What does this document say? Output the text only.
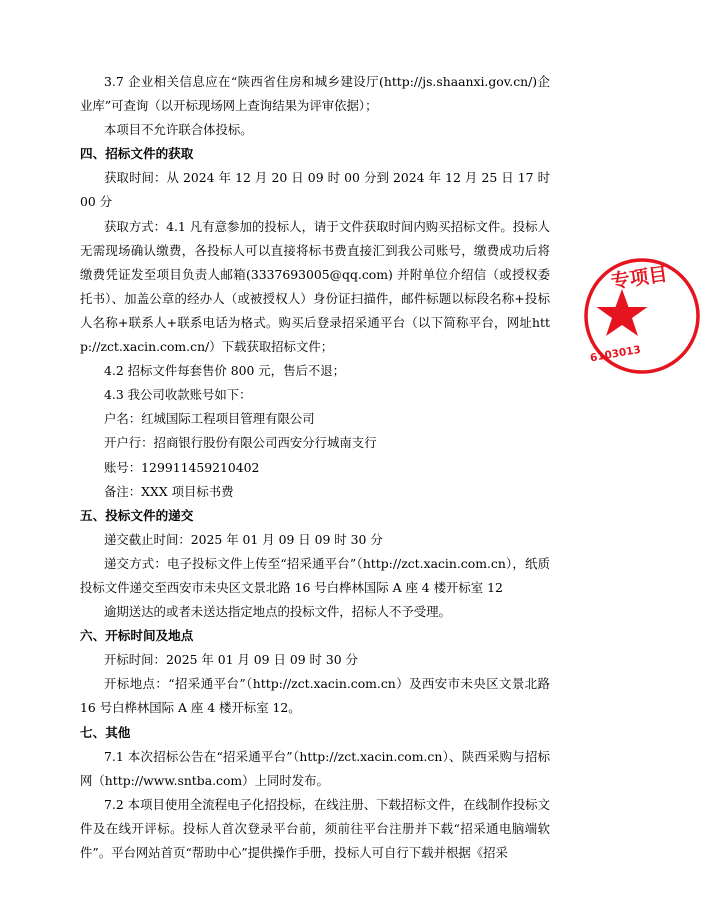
3.7 企业相关信息应在“陕西省住房和城乡建设厅(http://js.shaanxi.gov.cn/)企业库”可查询（以开标现场网上查询结果为评审依据）；

本项目不允许联合体投标。

四、招标文件的获取

获取时间：从 2024 年 12 月 20 日 09 时 00 分到 2024 年 12 月 25 日 17 时 00 分

获取方式：4.1 凡有意参加的投标人，请于文件获取时间内购买招标文件。投标人无需现场确认缴费，各投标人可以直接将标书费直接汇到我公司账号，缴费成功后将缴费凭证发至项目负责人邮箱(3337693005@qq.com) 并附单位介绍信（或授权委托书）、加盖公章的经办人（或被授权人）身份证扫描件，邮件标题以标段名称+投标人名称+联系人+联系电话为格式。购买后登录招采通平台（以下简称平台，网址http://zct.xacin.com.cn/）下载获取招标文件；

4.2 招标文件每套售价 800 元，售后不退；

4.3 我公司收款账号如下：

户名：红城国际工程项目管理有限公司

开户行：招商银行股份有限公司西安分行城南支行

账号：129911459210402

备注：XXX 项目标书费

五、投标文件的递交

递交截止时间：2025 年 01 月 09 日 09 时 30 分

递交方式：电子投标文件上传至“招采通平台”（http://zct.xacin.com.cn），纸质投标文件递交至西安市未央区文景北路 16 号白桦林国际 A 座 4 楼开标室 12

逾期送达的或者未送达指定地点的投标文件，招标人不予受理。

六、开标时间及地点

开标时间：2025 年 01 月 09 日 09 时 30 分

开标地点：“招采通平台”（http://zct.xacin.com.cn）及西安市未央区文景北路 16 号白桦林国际 A 座 4 楼开标室 12。

七、其他

7.1 本次招标公告在“招采通平台”（http://zct.xacin.com.cn）、陕西采购与招标网（http://www.sntba.com）上同时发布。

7.2 本项目使用全流程电子化招投标，在线注册、下载招标文件，在线制作投标文件及在线开评标。投标人首次登录平台前，须前往平台注册并下载“招采通电脑端软件”。平台网站首页“帮助中心”提供操作手册，投标人可自行下载并根据《招采

专项目
6103013
